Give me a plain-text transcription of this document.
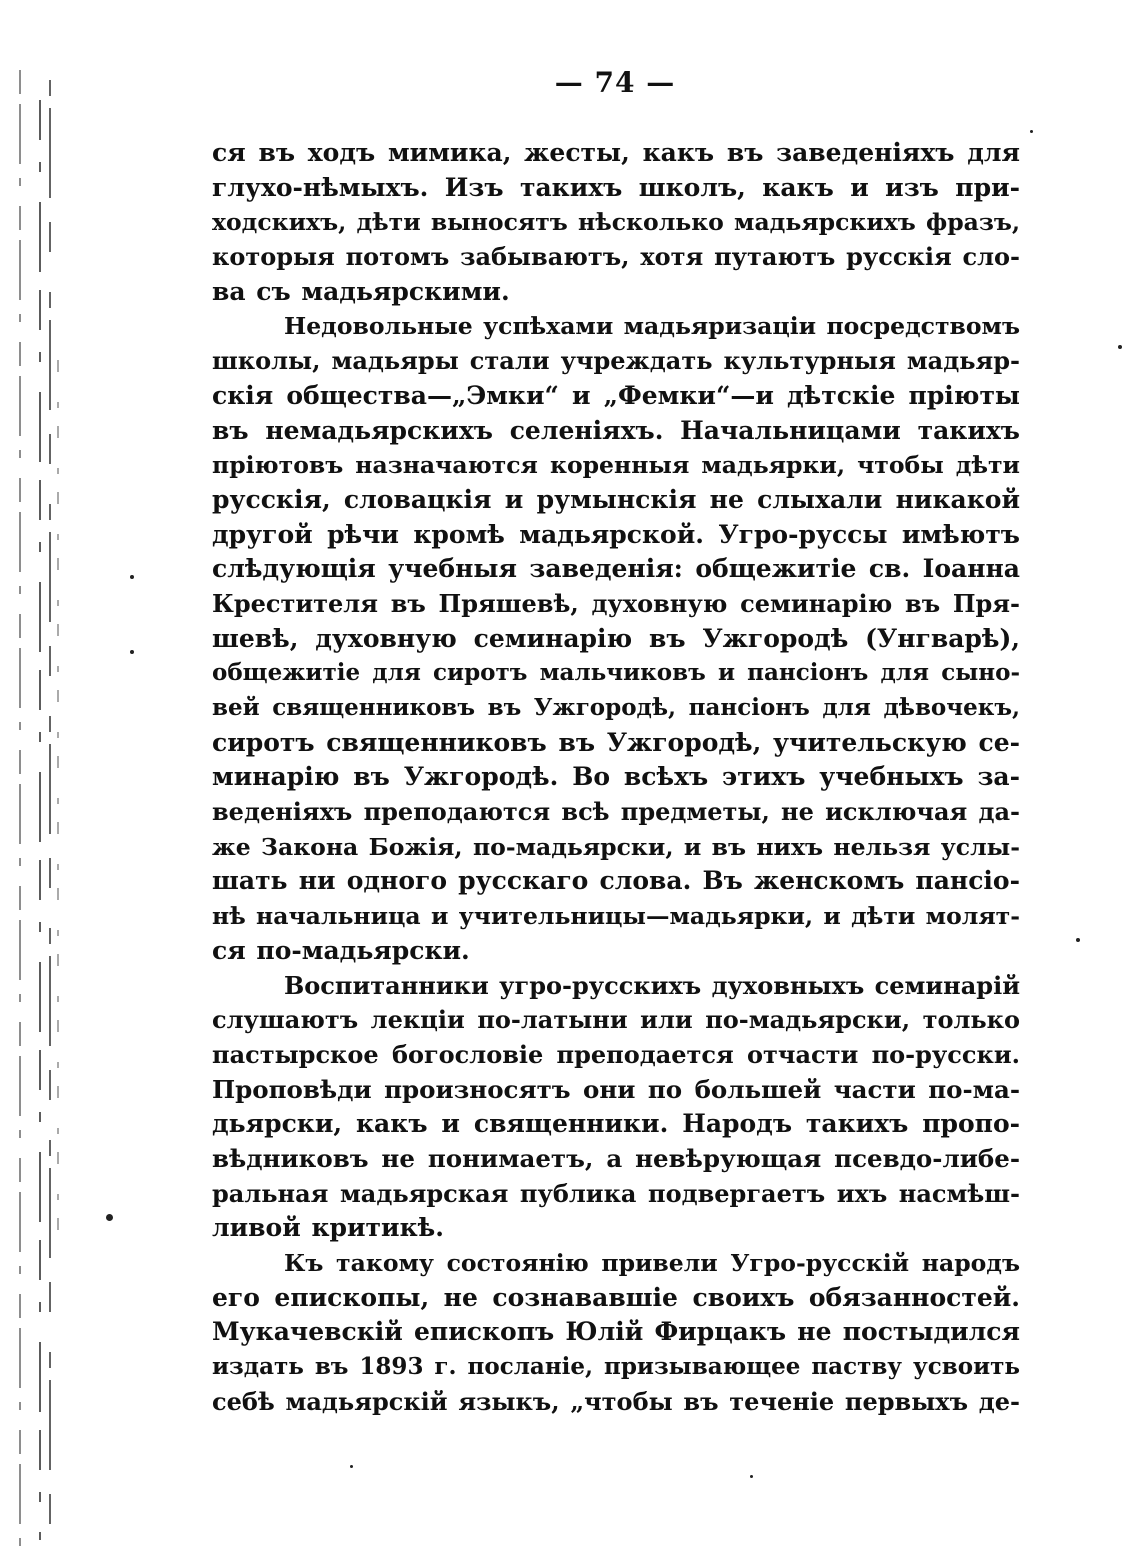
— 74 —
ся въ ходъ мимика, жесты, какъ въ заведеніяхъ для
глухо-нѣмыхъ. Изъ такихъ школъ, какъ и изъ при-
ходскихъ, дѣти выносятъ нѣсколько мадьярскихъ фразъ,
которыя потомъ забываютъ, хотя путаютъ русскія сло-
ва съ мадьярскими.
Недовольные успѣхами мадьяризаціи посредствомъ
школы, мадьяры стали учреждать культурныя мадьяр-
скія общества—„Эмки“ и „Фемки“—и дѣтскіе пріюты
въ немадьярскихъ селеніяхъ. Начальницами такихъ
пріютовъ назначаются коренныя мадьярки, чтобы дѣти
русскія, словацкія и румынскія не слыхали никакой
другой рѣчи кромѣ мадьярской. Угро-руссы имѣютъ
слѣдующія учебныя заведенія: общежитіе св. Іоанна
Крестителя въ Пряшевѣ, духовную семинарію въ Пря-
шевѣ, духовную семинарію въ Ужгородѣ (Унгварѣ),
общежитіе для сиротъ мальчиковъ и пансіонъ для сыно-
вей священниковъ въ Ужгородѣ, пансіонъ для дѣвочекъ,
сиротъ священниковъ въ Ужгородѣ, учительскую се-
минарію въ Ужгородѣ. Во всѣхъ этихъ учебныхъ за-
веденіяхъ преподаются всѣ предметы, не исключая да-
же Закона Божія, по-мадьярски, и въ нихъ нельзя услы-
шать ни одного русскаго слова. Въ женскомъ пансіо-
нѣ начальница и учительницы—мадьярки, и дѣти молят-
ся по-мадьярски.
Воспитанники угро-русскихъ духовныхъ семинарій
слушаютъ лекціи по-латыни или по-мадьярски, только
пастырское богословіе преподается отчасти по-русски.
Проповѣди произносятъ они по большей части по-ма-
дьярски, какъ и священники. Народъ такихъ пропо-
вѣдниковъ не понимаетъ, а невѣрующая псевдо-либе-
ральная мадьярская публика подвергаетъ ихъ насмѣш-
ливой критикѣ.
Къ такому состоянію привели Угро-русскій народъ
его епископы, не сознававшіе своихъ обязанностей.
Мукачевскій епископъ Юлій Фирцакъ не постыдился
издать въ 1893 г. посланіе, призывающее паству усвоить
себѣ мадьярскій языкъ, „чтобы въ теченіе первыхъ де-
